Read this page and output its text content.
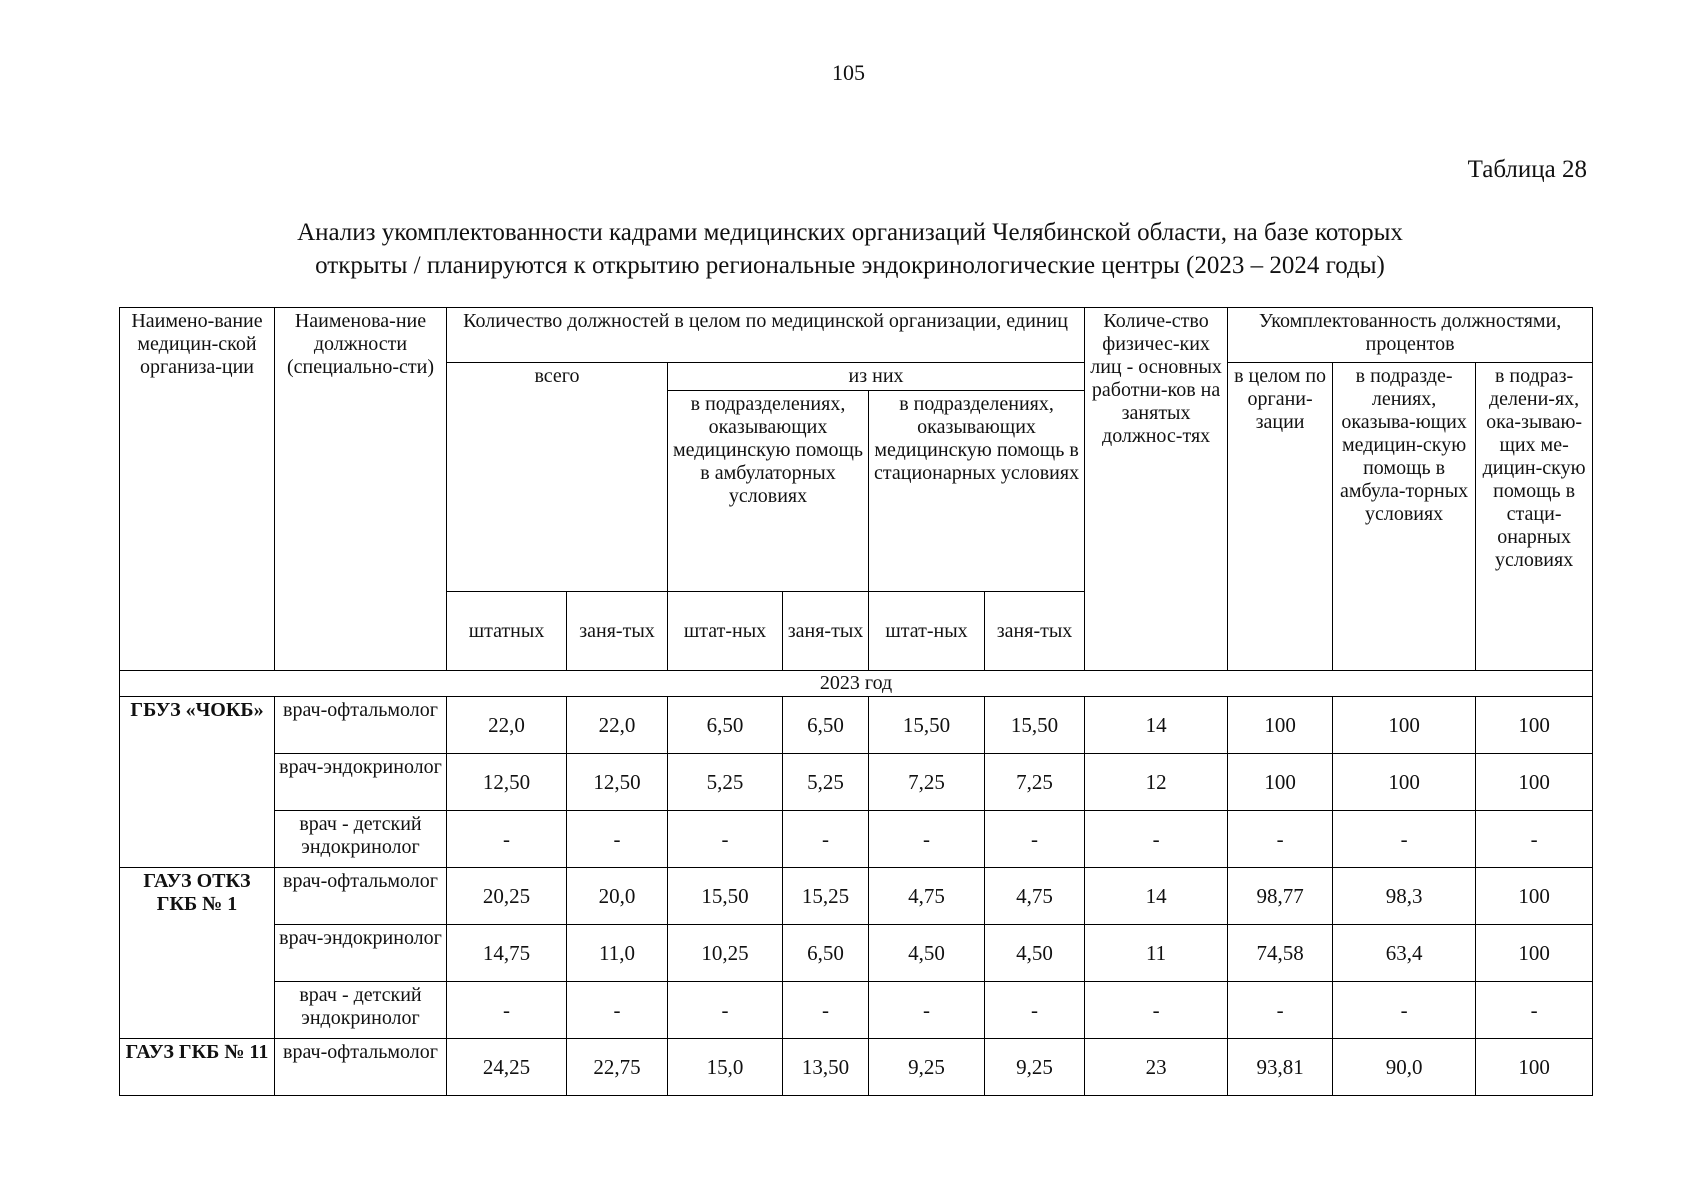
105
Таблица 28
Анализ укомплектованности кадрами медицинских организаций Челябинской области, на базе которых
открыты / планируются к открытию региональные эндокринологические центры (2023 – 2024 годы)
Наимено-вание медицин-ской организа-ции	Наименова-ние должности (специально-сти)	Количество должностей в целом по медицинской организации, единиц						Количе-ство физичес-ких лиц - основных работни-ков на занятых должнос-тях	Укомплектованность должностями, процентов		
		всего		из них					в целом по органи-зации	в подразде-лениях, оказыва-ющих медицин-скую помощь в амбула-торных условиях	в подраз-делени-ях, ока-зываю-щих ме-дицин-скую помощь в стаци-онарных условиях
				в подразделениях, оказывающих медицинскую помощь в амбулаторных условиях		в подразделениях, оказывающих медицинскую помощь в стационарных условиях					
		штатных	заня-тых	штат-ных	заня-тых	штат-ных	заня-тых				
2023 год											
ГБУЗ «ЧОКБ»	врач-офтальмолог	22,0	22,0	6,50	6,50	15,50	15,50	14	100	100	100
	врач-эндокринолог	12,50	12,50	5,25	5,25	7,25	7,25	12	100	100	100
	врач - детский эндокринолог	-	-	-	-	-	-	-	-	-	-
ГАУЗ ОТКЗ ГКБ № 1	врач-офтальмолог	20,25	20,0	15,50	15,25	4,75	4,75	14	98,77	98,3	100
	врач-эндокринолог	14,75	11,0	10,25	6,50	4,50	4,50	11	74,58	63,4	100
	врач - детский эндокринолог	-	-	-	-	-	-	-	-	-	-
ГАУЗ ГКБ № 11	врач-офтальмолог	24,25	22,75	15,0	13,50	9,25	9,25	23	93,81	90,0	100
